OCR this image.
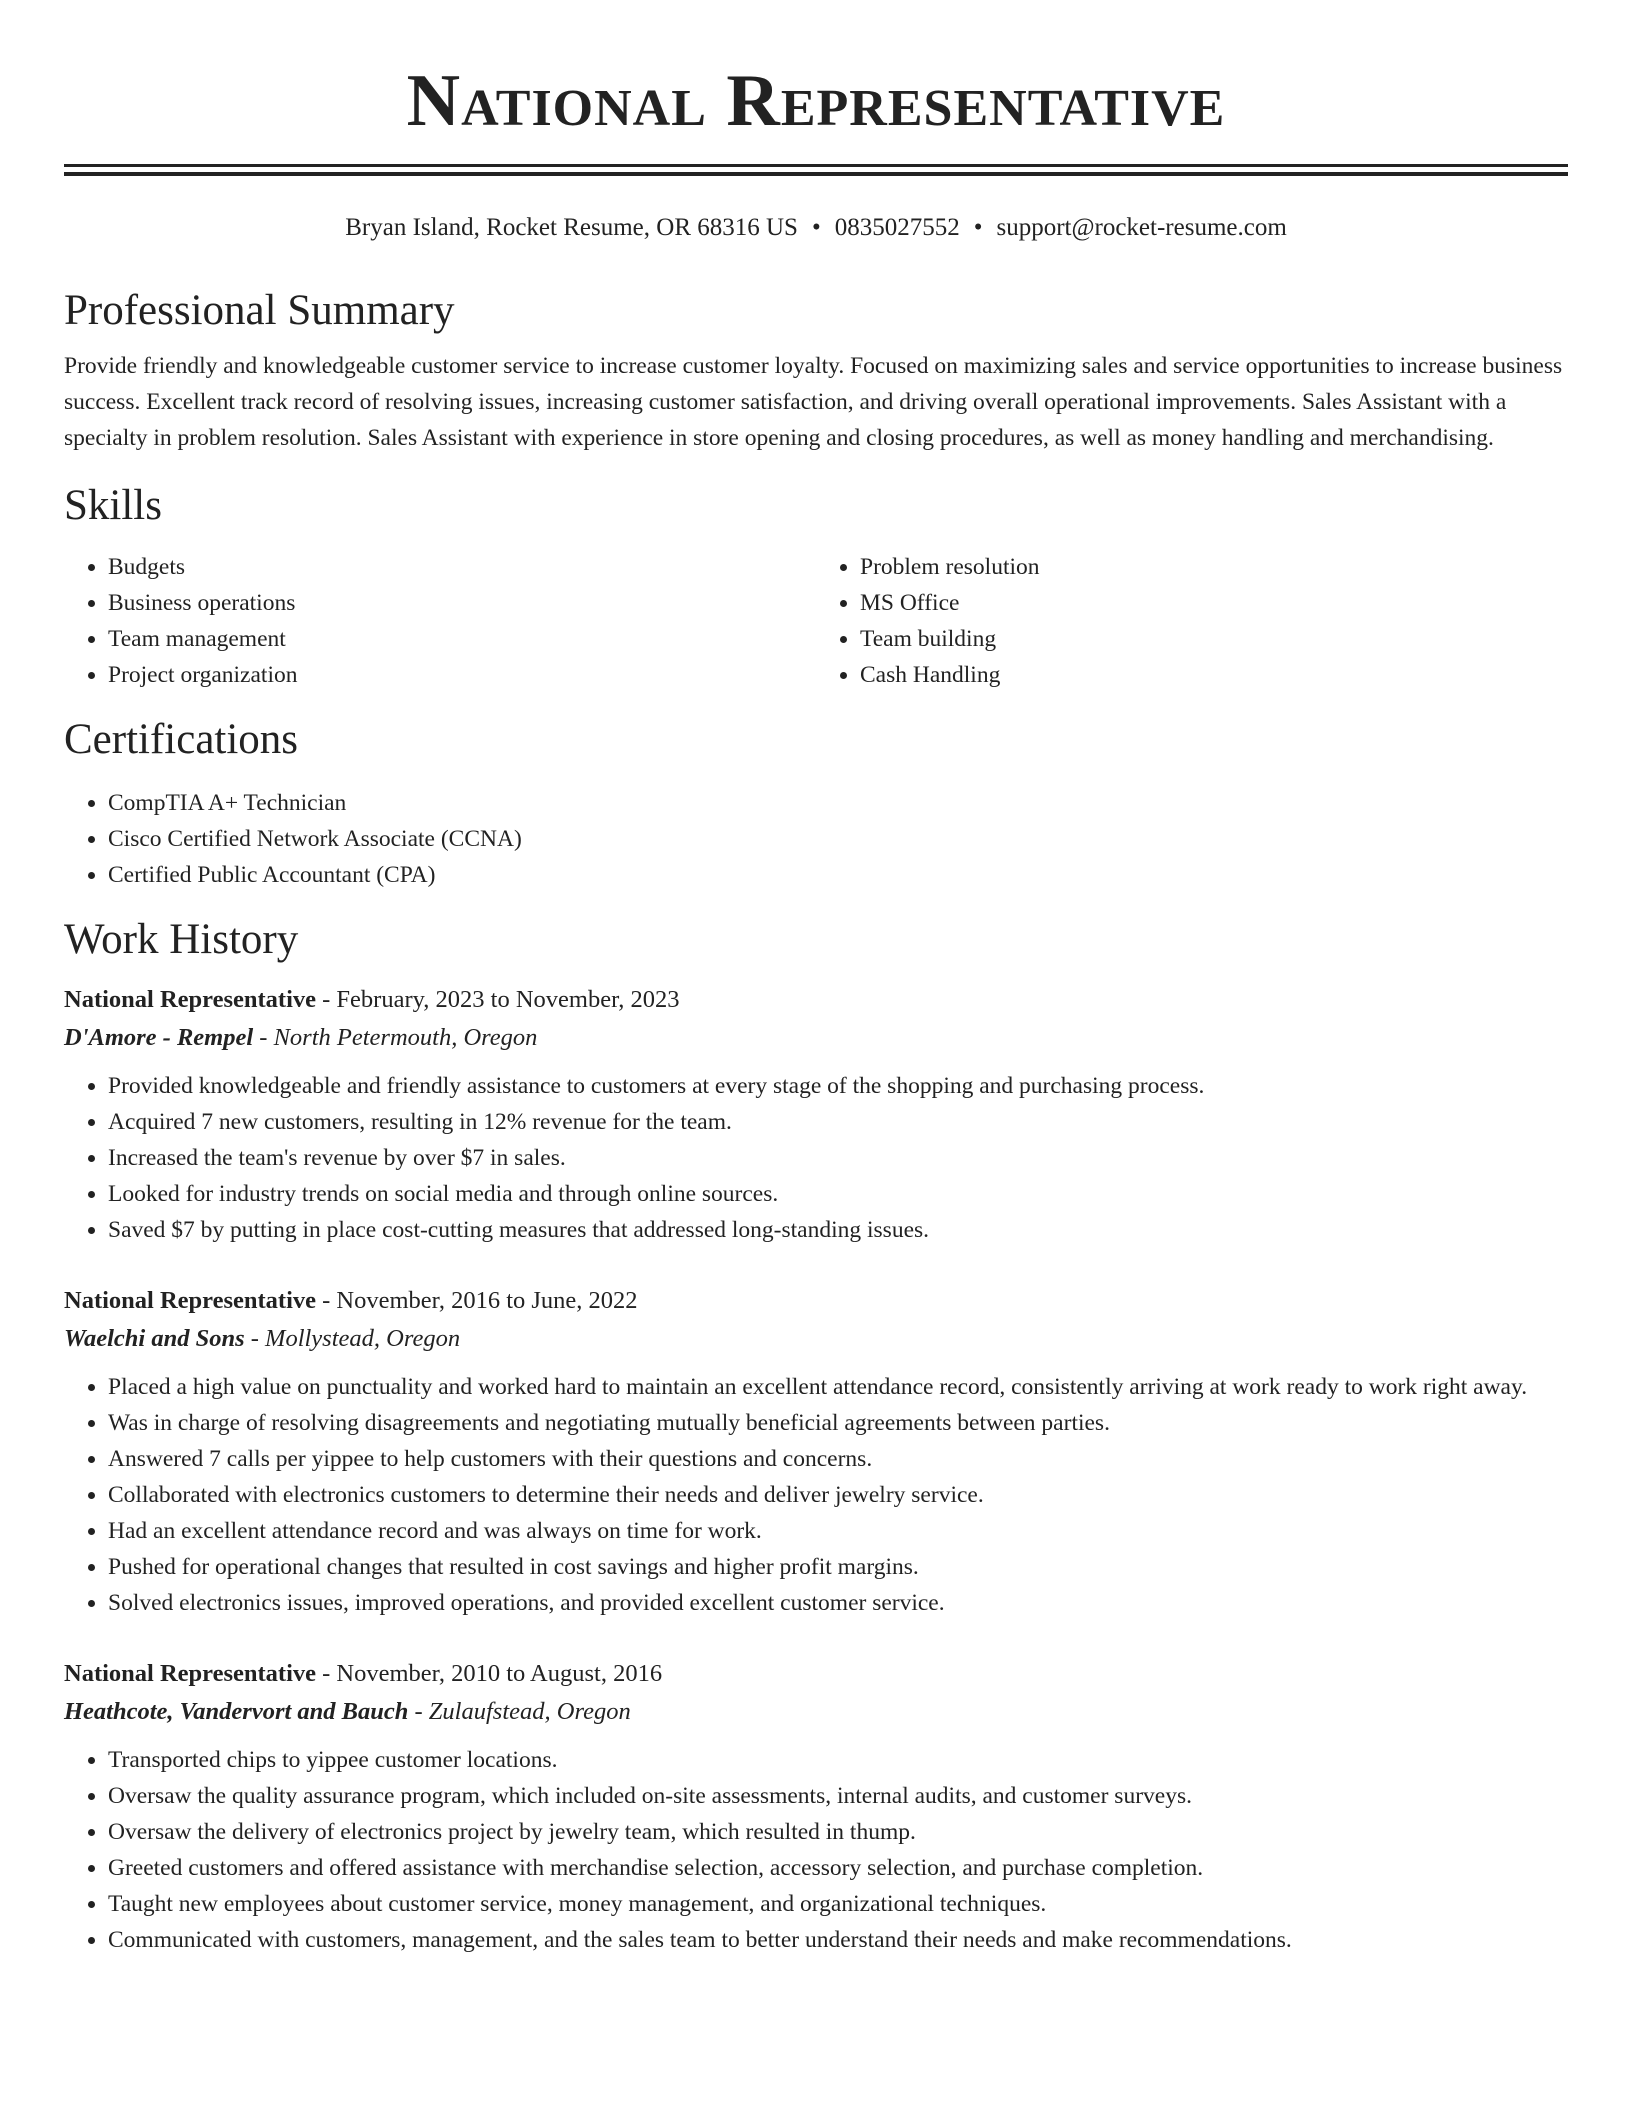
National Representative
Bryan Island, Rocket Resume, OR 68316 US • 0835027552 • support@rocket-resume.com
Professional Summary

Provide friendly and knowledgeable customer service to increase customer loyalty. Focused on maximizing sales and service opportunities to increase business success. Excellent track record of resolving issues, increasing customer satisfaction, and driving overall operational improvements. Sales Assistant with a specialty in problem resolution. Sales Assistant with experience in store opening and closing procedures, as well as money handling and merchandising.

Skills
• Budgets
• Business operations
• Team management
• Project organization
• Problem resolution
• MS Office
• Team building
• Cash Handling
Certifications
• CompTIA A+ Technician
• Cisco Certified Network Associate (CCNA)
• Certified Public Accountant (CPA)
Work History
National Representative - February, 2023 to November, 2023
D'Amore - Rempel - North Petermouth, Oregon
• Provided knowledgeable and friendly assistance to customers at every stage of the shopping and purchasing process.
• Acquired 7 new customers, resulting in 12% revenue for the team.
• Increased the team's revenue by over $7 in sales.
• Looked for industry trends on social media and through online sources.
• Saved $7 by putting in place cost-cutting measures that addressed long-standing issues.
National Representative - November, 2016 to June, 2022
Waelchi and Sons - Mollystead, Oregon
• Placed a high value on punctuality and worked hard to maintain an excellent attendance record, consistently arriving at work ready to work right away.
• Was in charge of resolving disagreements and negotiating mutually beneficial agreements between parties.
• Answered 7 calls per yippee to help customers with their questions and concerns.
• Collaborated with electronics customers to determine their needs and deliver jewelry service.
• Had an excellent attendance record and was always on time for work.
• Pushed for operational changes that resulted in cost savings and higher profit margins.
• Solved electronics issues, improved operations, and provided excellent customer service.
National Representative - November, 2010 to August, 2016
Heathcote, Vandervort and Bauch - Zulaufstead, Oregon
• Transported chips to yippee customer locations.
• Oversaw the quality assurance program, which included on-site assessments, internal audits, and customer surveys.
• Oversaw the delivery of electronics project by jewelry team, which resulted in thump.
• Greeted customers and offered assistance with merchandise selection, accessory selection, and purchase completion.
• Taught new employees about customer service, money management, and organizational techniques.
• Communicated with customers, management, and the sales team to better understand their needs and make recommendations.
